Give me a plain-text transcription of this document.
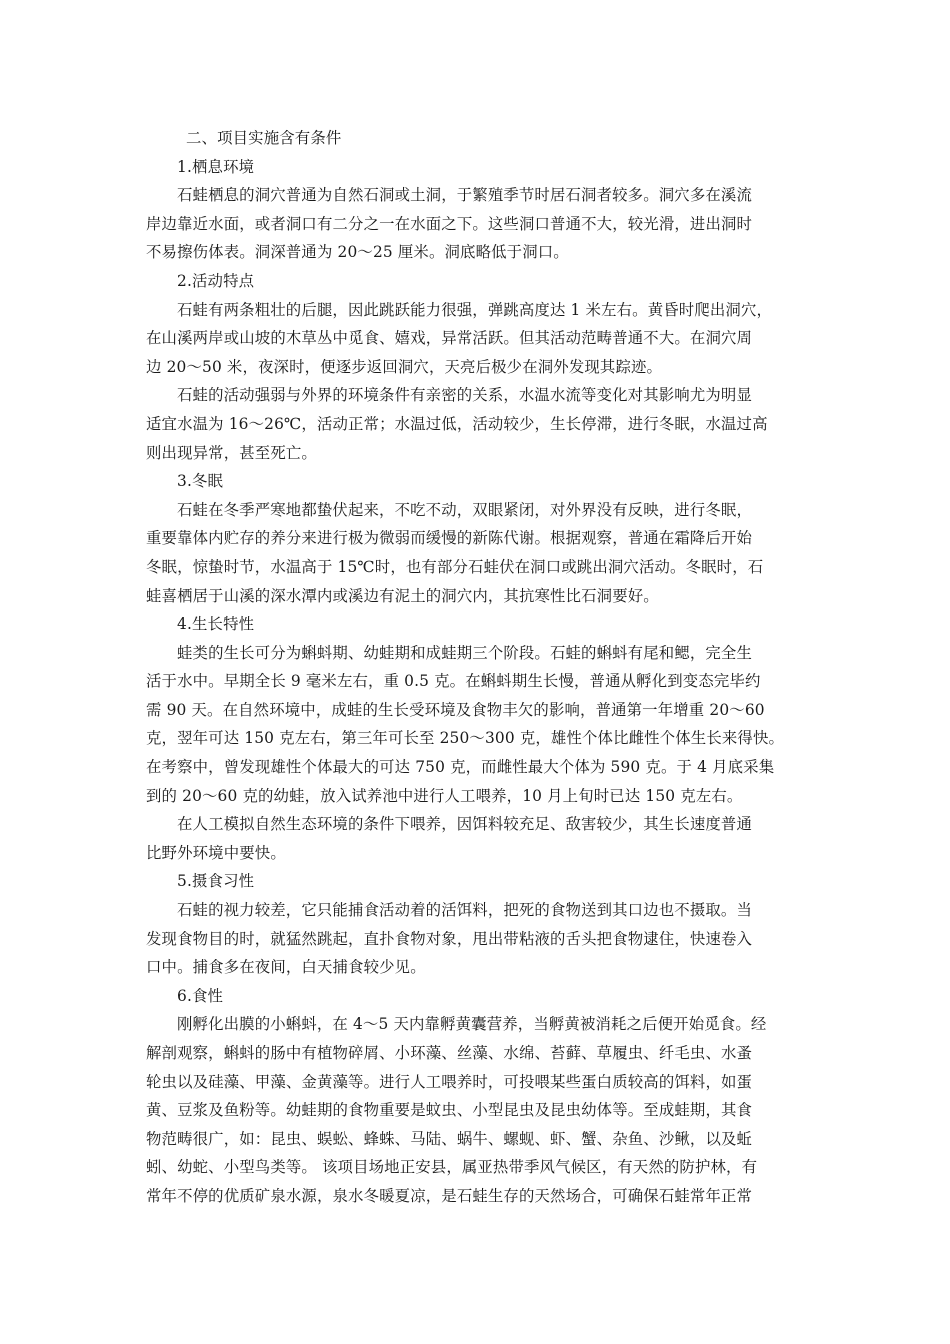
二、项目实施含有条件
1.栖息环境
石蛙栖息的洞穴普通为自然石洞或土洞，于繁殖季节时居石洞者较多。洞穴多在溪流
岸边靠近水面，或者洞口有二分之一在水面之下。这些洞口普通不大，较光滑，进出洞时
不易擦伤体表。洞深普通为 20～25 厘米。洞底略低于洞口。
2.活动特点
石蛙有两条粗壮的后腿，因此跳跃能力很强，弹跳高度达 1 米左右。黄昏时爬出洞穴，
在山溪两岸或山坡的木草丛中觅食、嬉戏，异常活跃。但其活动范畴普通不大。在洞穴周
边 20～50 米，夜深时，便逐步返回洞穴，天亮后极少在洞外发现其踪迹。
石蛙的活动强弱与外界的环境条件有亲密的关系，水温水流等变化对其影响尤为明显
适宜水温为 16～26℃，活动正常；水温过低，活动较少，生长停滞，进行冬眠，水温过高
则出现异常，甚至死亡。
3.冬眠
石蛙在冬季严寒地都蛰伏起来，不吃不动，双眼紧闭，对外界没有反映，进行冬眠，
重要靠体内贮存的养分来进行极为微弱而缓慢的新陈代谢。根据观察，普通在霜降后开始
冬眠，惊蛰时节，水温高于 15℃时，也有部分石蛙伏在洞口或跳出洞穴活动。冬眠时，石
蛙喜栖居于山溪的深水潭内或溪边有泥土的洞穴内，其抗寒性比石洞要好。
4.生长特性
蛙类的生长可分为蝌蚪期、幼蛙期和成蛙期三个阶段。石蛙的蝌蚪有尾和鳃，完全生
活于水中。早期全长 9 毫米左右，重 0.5 克。在蝌蚪期生长慢，普通从孵化到变态完毕约
需 90 天。在自然环境中，成蛙的生长受环境及食物丰欠的影响，普通第一年增重 20～60
克，翌年可达 150 克左右，第三年可长至 250～300 克，雄性个体比雌性个体生长来得快。
在考察中，曾发现雄性个体最大的可达 750 克，而雌性最大个体为 590 克。于 4 月底采集
到的 20～60 克的幼蛙，放入试养池中进行人工喂养，10 月上旬时已达 150 克左右。
在人工模拟自然生态环境的条件下喂养，因饵料较充足、敌害较少，其生长速度普通
比野外环境中要快。
5.摄食习性
石蛙的视力较差，它只能捕食活动着的活饵料，把死的食物送到其口边也不摄取。当
发现食物目的时，就猛然跳起，直扑食物对象，甩出带粘液的舌头把食物逮住，快速卷入
口中。捕食多在夜间，白天捕食较少见。
6.食性
刚孵化出膜的小蝌蚪，在 4～5 天内靠孵黄囊营养，当孵黄被消耗之后便开始觅食。经
解剖观察，蝌蚪的肠中有植物碎屑、小环藻、丝藻、水绵、苔藓、草履虫、纤毛虫、水蚤
轮虫以及硅藻、甲藻、金黄藻等。进行人工喂养时，可投喂某些蛋白质较高的饵料，如蛋
黄、豆浆及鱼粉等。幼蛙期的食物重要是蚊虫、小型昆虫及昆虫幼体等。至成蛙期，其食
物范畴很广，如：昆虫、蜈蚣、蜂蛛、马陆、蜗牛、螺蚬、虾、蟹、杂鱼、沙鳅，以及蚯
蚓、幼蛇、小型鸟类等。 该项目场地正安县，属亚热带季风气候区，有天然的防护林，有
常年不停的优质矿泉水源，泉水冬暖夏凉，是石蛙生存的天然场合，可确保石蛙常年正常
